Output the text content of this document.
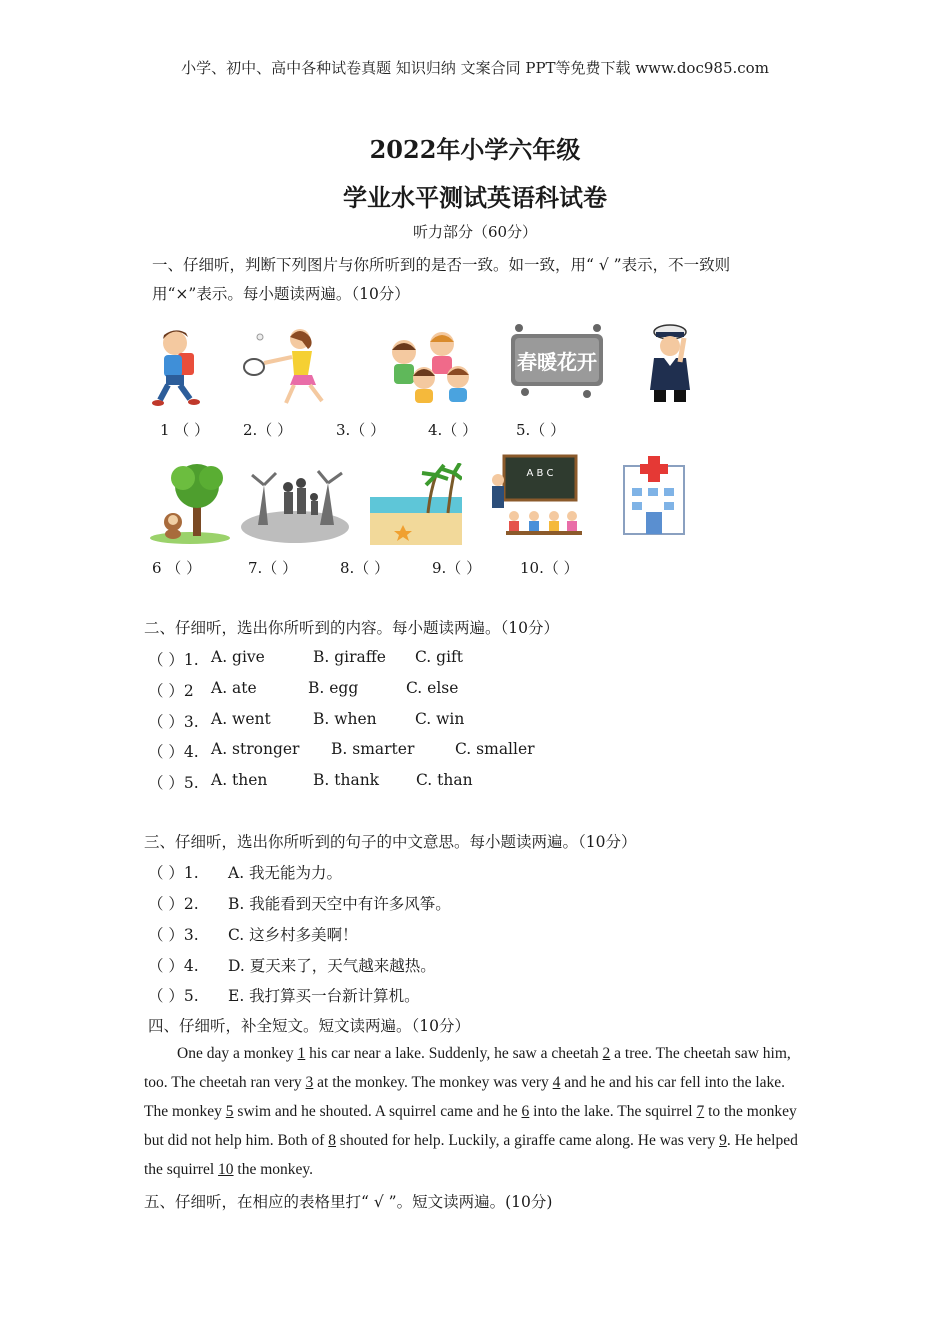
小学、初中、高中各种试卷真题 知识归纳 文案合同 PPT等免费下载 www.doc985.com
2022年小学六年级
学业水平测试英语科试卷
听力部分（60分）
一、仔细听，判断下列图片与你所听到的是否一致。如一致，用“ √ ”表示，不一致则
用“×”表示。每小题读两遍。（10分）
春暖花开
1 （ ） 2.（ ）	3.（ ）	4.（ ）	5.（ ）
A B C
6 （ ）	7.（ ）	8.（ ）	9.（ ）	10.（ ）
二、仔细听，选出你所听到的内容。每小题读两遍。（10分）
（ ）1. A. give	B. giraffe C. gift
（ ）2 A. ate	B. egg	C. else
（ ）3. A. went	B. when C. win
（ ）4. A. stronger B. smarter	C. smaller
（ ）5. A. then	B. thank C. than
三、仔细听，选出你所听到的句子的中文意思。每小题读两遍。（10分）
（ ）1. A. 我无能为力。
（ ）2. B. 我能看到天空中有许多风筝。
（ ）3. C. 这乡村多美啊！
（ ）4. D. 夏天来了，天气越来越热。
（ ）5. E. 我打算买一台新计算机。
四、仔细听，补全短文。短文读两遍。（10分）
One day a monkey 1 his car near a lake. Suddenly, he saw a cheetah 2 a tree. The cheetah saw him, too. The cheetah ran very 3 at the monkey. The monkey was very 4 and he and his car fell into the lake. The monkey 5 swim and he shouted. A squirrel came and he 6 into the lake. The squirrel 7 to the monkey but did not help him. Both of 8 shouted for help. Luckily, a giraffe came along. He was very 9. He helped the squirrel 10 the monkey.
五、仔细听，在相应的表格里打“ √ ”。短文读两遍。(10分)
